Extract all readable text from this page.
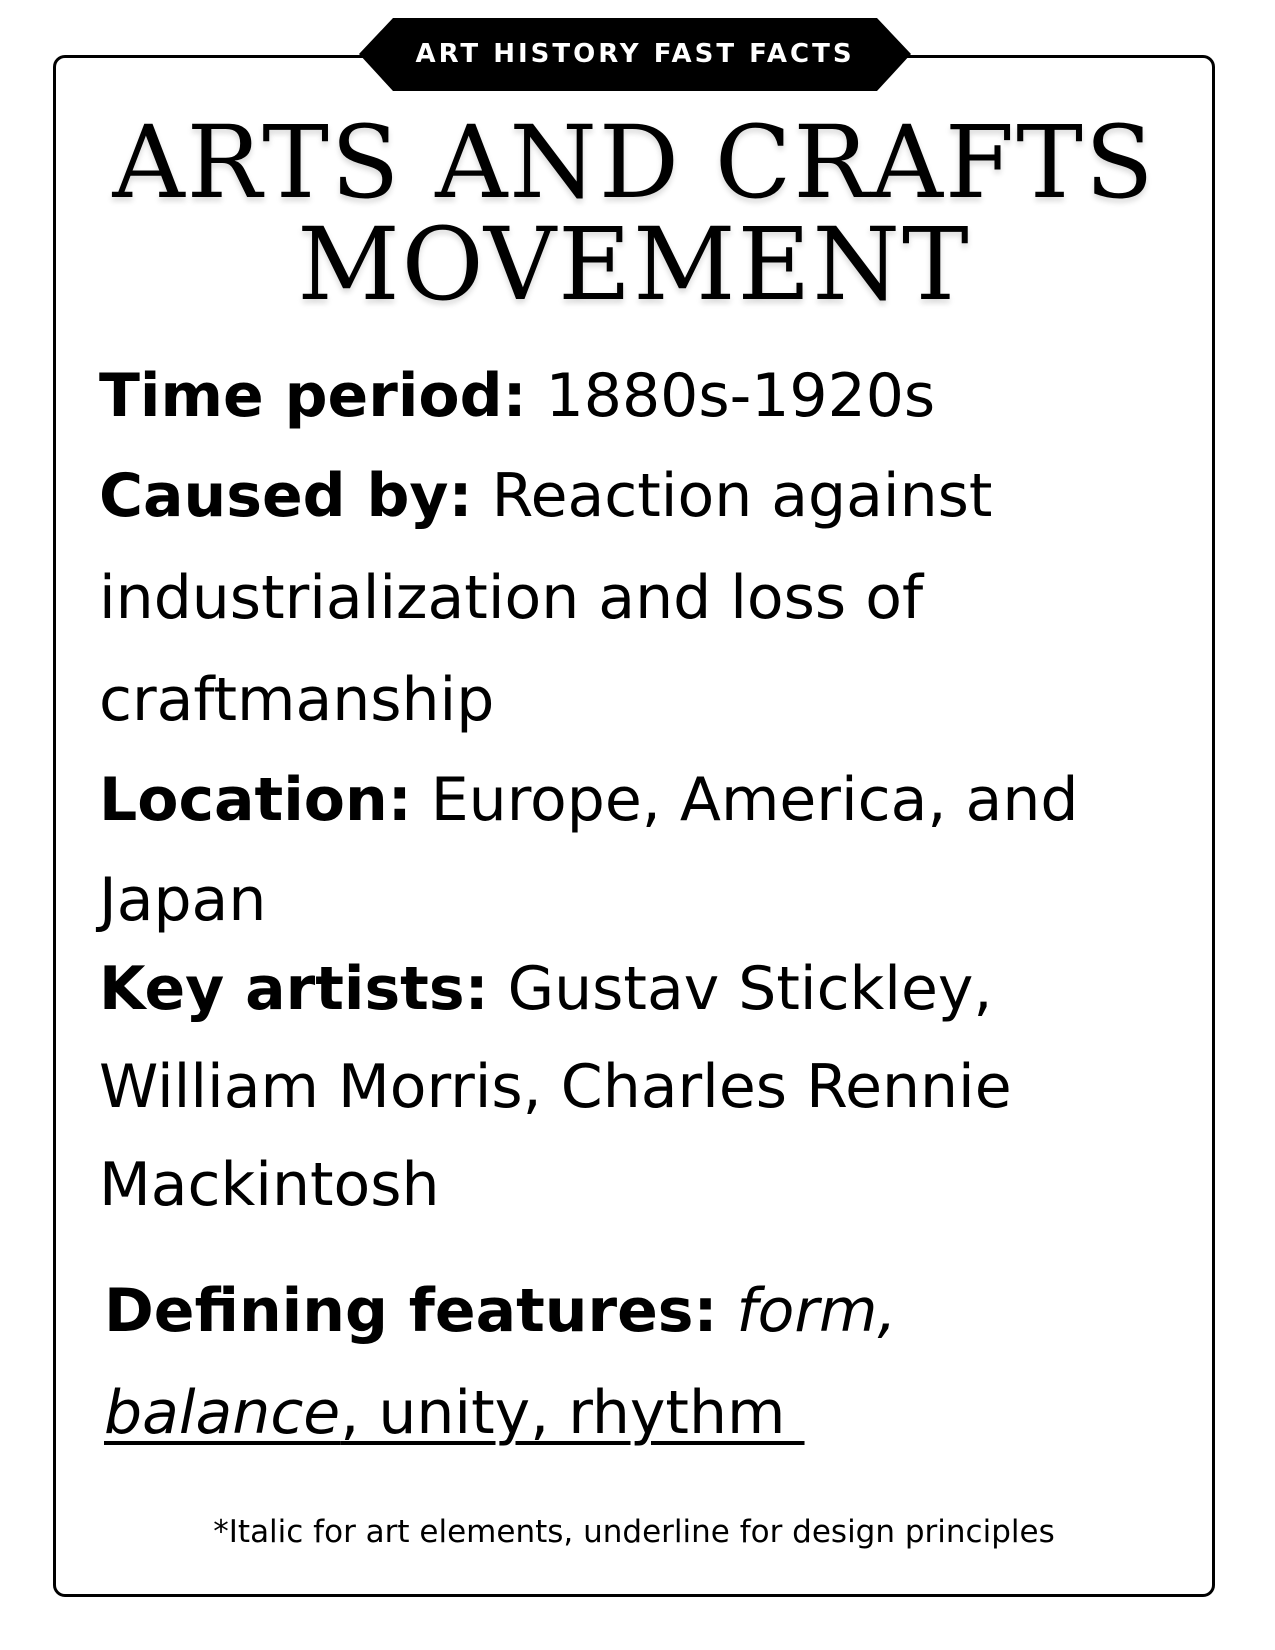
ART HISTORY FAST FACTS
ARTS AND CRAFTS
MOVEMENT
Time period: 1880s-1920s
Caused by: Reaction against industrialization and loss of craftmanship
Location: Europe, America, and Japan
Key artists: Gustav Stickley, William Morris, Charles Rennie Mackintosh
Defining features: form,
balance, unity, rhythm
*Italic for art elements, underline for design principles
